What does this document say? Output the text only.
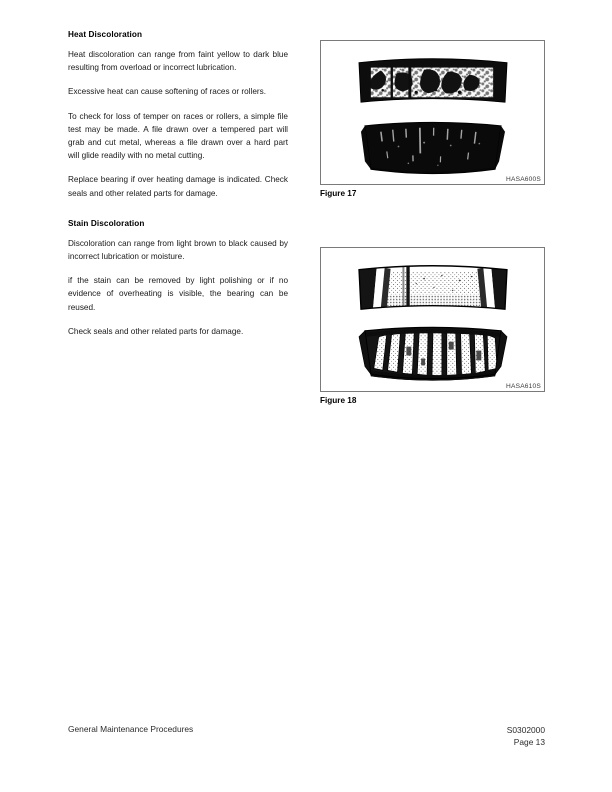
Heat Discoloration

Heat discoloration can range from faint yellow to dark blue resulting from overload or incorrect lubrication.

Excessive heat can cause softening of races or rollers.

To check for loss of temper on races or rollers, a simple file test may be made. A file drawn over a tempered part will grab and cut metal, whereas a file drawn over a hard part will glide readily with no metal cutting.

Replace bearing if over heating damage is indicated. Check seals and other related parts for damage.

Stain Discoloration

Discoloration can range from light brown to black caused by incorrect lubrication or moisture.

if the stain can be removed by light polishing or if no evidence of overheating is visible, the bearing can be reused.

Check seals and other related parts for damage.

HASA600S
Figure 17
HASA610S
Figure 18
General Maintenance Procedures	S0302000
Page 13
